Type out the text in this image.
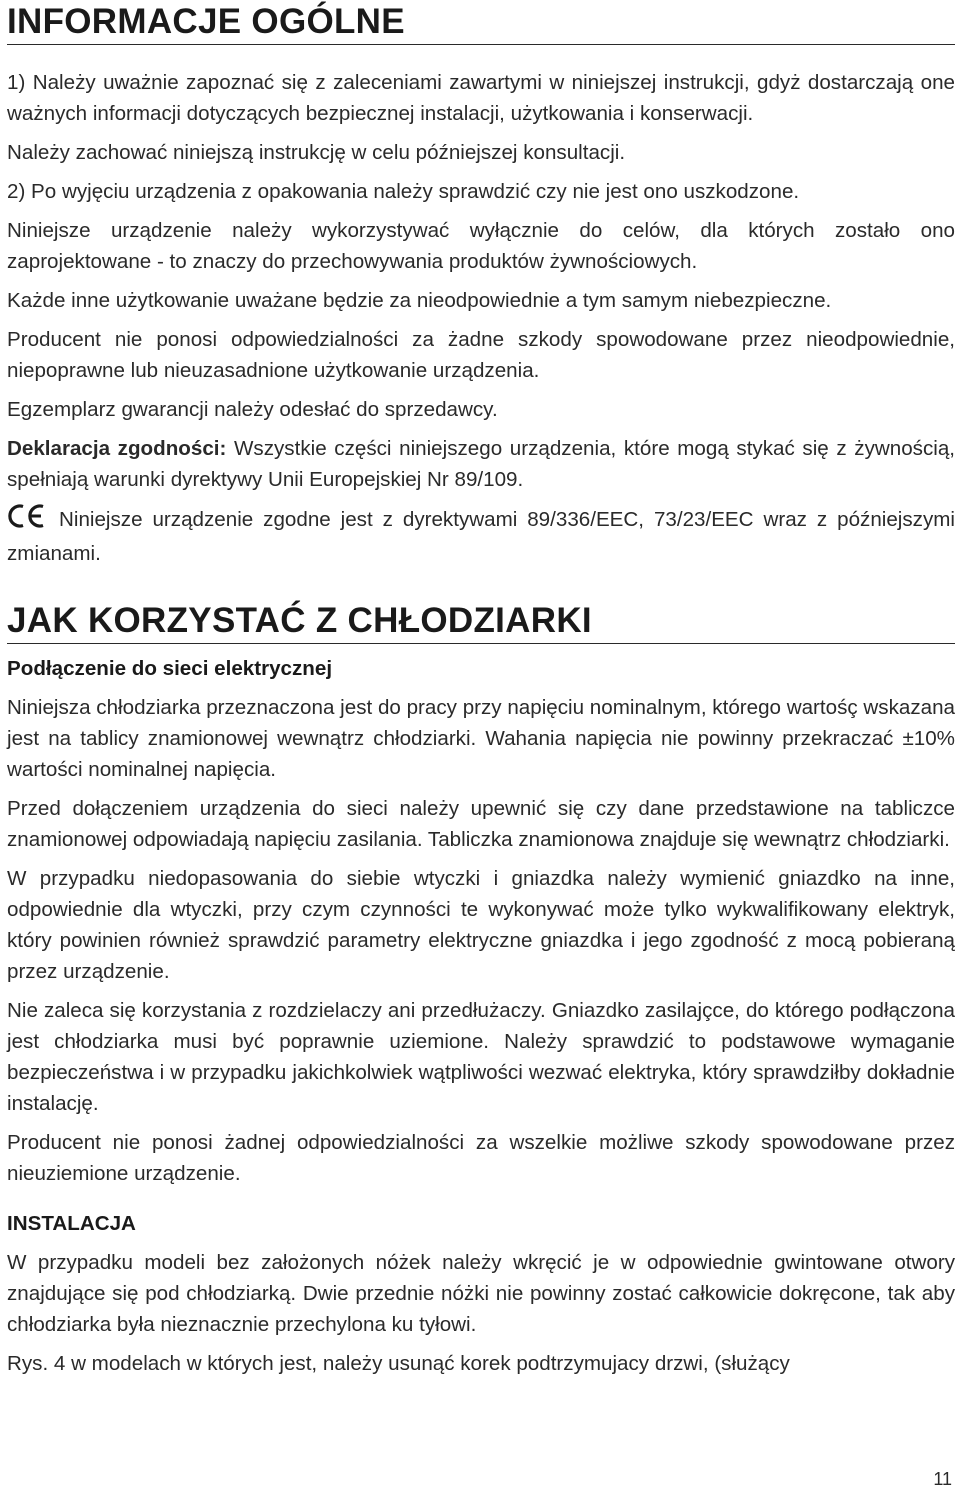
INFORMACJE OGÓLNE

1) Należy uważnie zapoznać się z zaleceniami zawartymi w niniejszej instrukcji, gdyż dostarczają one ważnych informacji dotyczących bezpiecznej instalacji, użytkowania i konserwacji.

Należy zachować niniejszą instrukcję w celu późniejszej konsultacji.

2) Po wyjęciu urządzenia z opakowania należy sprawdzić czy nie jest ono uszkodzone.

Niniejsze urządzenie należy wykorzystywać wyłącznie do celów, dla których zostało ono zaprojektowane - to znaczy do przechowywania produktów żywnościowych.

Każde inne użytkowanie uważane będzie za nieodpowiednie a tym samym niebezpieczne.

Producent nie ponosi odpowiedzialności za żadne szkody spowodowane przez nieodpowiednie, niepoprawne lub nieuzasadnione użytkowanie urządzenia.

Egzemplarz gwarancji należy odesłać do sprzedawcy.

Deklaracja zgodności: Wszystkie części niniejszego urządzenia, które mogą stykać się z żywnością, spełniają warunki dyrektywy Unii Europejskiej Nr 89/109.

Niniejsze urządzenie zgodne jest z dyrektywami 89/336/EEC, 73/23/EEC wraz z późniejszymi zmianami.

JAK KORZYSTAĆ Z CHŁODZIARKI
Podłączenie do sieci elektrycznej

Niniejsza chłodziarka przeznaczona jest do pracy przy napięciu nominalnym, którego wartośç wskazana jest na tablicy znamionowej wewnątrz chłodziarki. Wahania napięcia nie powinny przekraczać ±10% wartości nominalnej napięcia.

Przed dołączeniem urządzenia do sieci należy upewnić się czy dane przedstawione na tabliczce znamionowej odpowiadają napięciu zasilania. Tabliczka znamionowa znajduje się wewnątrz chłodziarki.

W przypadku niedopasowania do siebie wtyczki i gniazdka należy wymienić gniazdko na inne, odpowiednie dla wtyczki, przy czym czynności te wykonywać może tylko wykwalifikowany elektryk, który powinien również sprawdzić parametry elektryczne gniazdka i jego zgodność z mocą pobieraną przez urządzenie.

Nie zaleca się korzystania z rozdzielaczy ani przedłużaczy. Gniazdko zasilajçce, do którego podłączona jest chłodziarka musi być poprawnie uziemione. Należy sprawdzić to podstawowe wymaganie bezpieczeństwa i w przypadku jakichkolwiek wątpliwości wezwać elektryka, który sprawdziłby dokładnie instalację.

Producent nie ponosi żadnej odpowiedzialności za wszelkie możliwe szkody spowodowane przez nieuziemione urządzenie.

INSTALACJA

W przypadku modeli bez założonych nóżek należy wkręcić je w odpowiednie gwintowane otwory znajdujące się pod chłodziarką. Dwie przednie nóżki nie powinny zostać całkowicie dokręcone, tak aby chłodziarka była nieznacznie przechylona ku tyłowi.

Rys. 4 w modelach w których jest, należy usunąć korek podtrzymujacy drzwi, (służący

11
